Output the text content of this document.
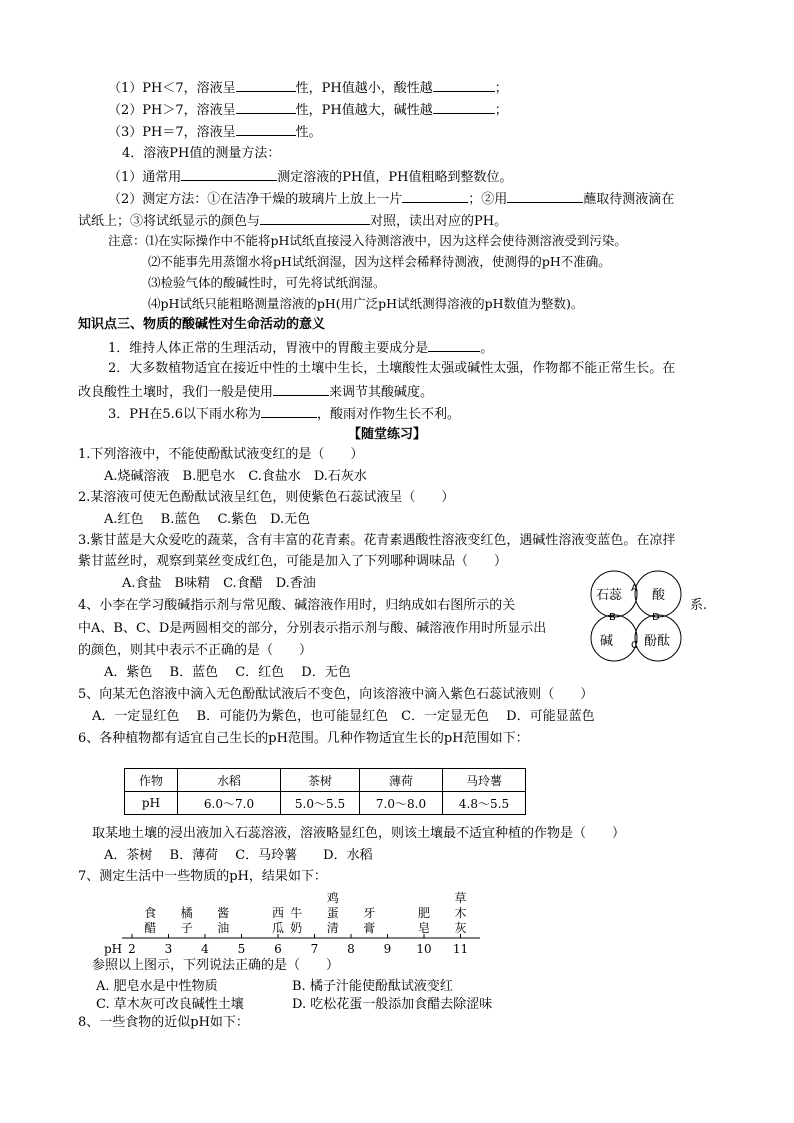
（1）PH＜7，溶液呈	性，PH值越小，酸性越	；
（2）PH＞7，溶液呈	性，PH值越大，碱性越	；
（3）PH＝7，溶液呈	性。
4．溶液PH值的测量方法：
（1）通常用	测定溶液的PH值，PH值粗略到整数位。
（2）测定方法：①在洁净干燥的玻璃片上放上一片	；②用	蘸取待测液滴在
试纸上；③将试纸显示的颜色与	对照，读出对应的PH。
注意：⑴在实际操作中不能将pH试纸直接浸入待测溶液中，因为这样会使待测溶液受到污染。
⑵不能事先用蒸馏水将pH试纸润湿，因为这样会稀释待测液，使测得的pH不准确。
⑶检验气体的酸碱性时，可先将试纸润湿。
⑷pH试纸只能粗略测量溶液的pH(用广泛pH试纸测得溶液的pH数值为整数)。
知识点三、物质的酸碱性对生命活动的意义
1．维持人体正常的生理活动，胃液中的胃酸主要成分是	。
2．大多数植物适宜在接近中性的土壤中生长，土壤酸性太强或碱性太强，作物都不能正常生长。在
改良酸性土壤时，我们一般是使用	来调节其酸碱度。
3．PH在5.6以下雨水称为	，酸雨对作物生长不利。
【随堂练习】
1.下列溶液中，不能使酚酞试液变红的是（　　）
A.烧碱溶液　B.肥皂水　C.食盐水　D.石灰水
2.某溶液可使无色酚酞试液呈红色，则使紫色石蕊试液呈（　　）
A.红色　 B.蓝色　 C.紫色　D.无色
3.紫甘蓝是大众爱吃的蔬菜，含有丰富的花青素。花青素遇酸性溶液变红色，遇碱性溶液变蓝色。在凉拌
紫甘蓝丝时，观察到菜丝变成红色，可能是加入了下列哪种调味品（　　）
A.食盐　B味精　C.食醋　D.香油
4、小李在学习酸碱指示剂与常见酸、碱溶液作用时，归纳成如右图所示的关	系.
中A、B、C、D是两圆相交的部分，分别表示指示剂与酸、碱溶液作用时所显示出
的颜色，则其中表示不正确的是（　　）
A．紫色　 B．蓝色　 C．红色　 D．无色
石蕊 酸
碱 酚酞
A
B
C
D
5、向某无色溶液中滴入无色酚酞试液后不变色，向该溶液中滴入紫色石蕊试液则（　　）
A．一定显红色　 B．可能仍为紫色，也可能显红色　C．一定显无色　 D．可能显蓝色
6、各种植物都有适宜自己生长的pH范围。几种作物适宜生长的pH范围如下：
作物	水稻	茶树	薄荷	马玲薯
pH	6.0～7.0	5.0～5.5	7.0～8.0	4.8～5.5
取某地土壤的浸出液加入石蕊溶液，溶液略显红色，则该土壤最不适宜种植的作物是（　　）
A．茶树　 B．薄荷　 C．马玲薯　　D．水稻
7、测定生活中一些物质的pH，结果如下：
pH 2 3 4 5 6 7 8 9 10 11
食
醋
橘
子
酱
油
西
瓜
牛
奶
鸡
蛋
清
牙
膏
肥
皂
草
木
灰
参照以上图示，下列说法正确的是（　　）
A. 肥皂水是中性物质	B. 橘子汁能使酚酞试液变红
C. 草木灰可改良碱性土壤	D. 吃松花蛋一般添加食醋去除涩味
8、一些食物的近似pH如下：
